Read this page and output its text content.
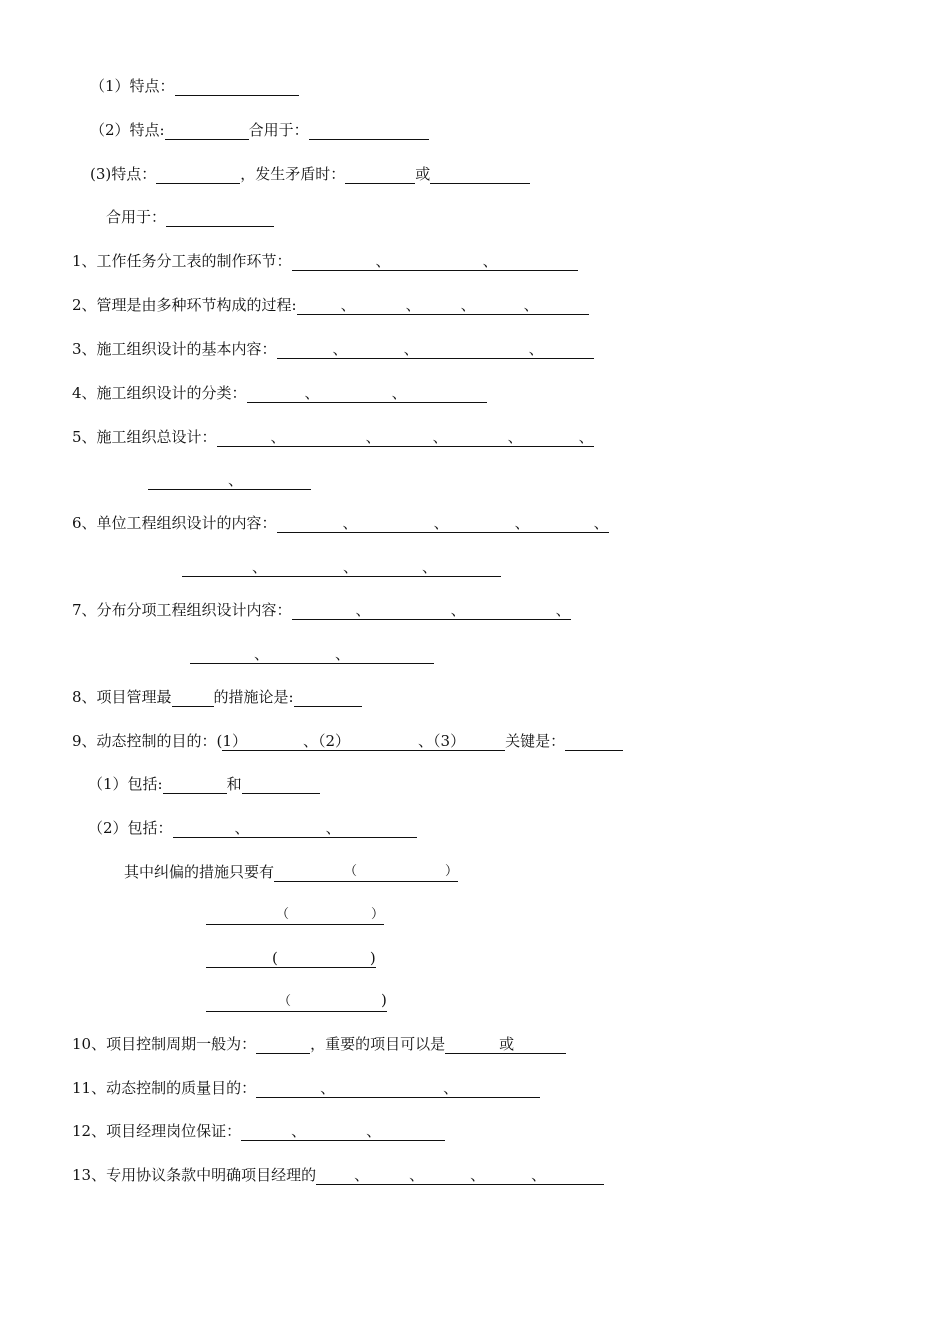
（1）特点：
（2）特点:	合用于：
(3)特点：	，发生矛盾时：	或
合用于：
1、工作任务分工表的制作环节：	、	、
2、管理是由多种环节构成的过程:	、	、	、	、
3、施工组织设计的基本内容：	、	、	、
4、施工组织设计的分类：	、	、
5、施工组织总设计：	、	、	、	、	、
、
6、单位工程组织设计的内容：	、	、	、	、
、	、	、
7、分布分项工程组织设计内容：	、	、	、
、	、
8、项目管理最	的措施论是:
9、动态控制的目的：(1）	、（2）	、（3）	关键是：
（1）包括:	和
（2）包括：	、	、
其中纠偏的措施只要有	（	）
（	）
(	)
（	)
10、项目控制周期一般为：	，重要的项目可以是	或
11、动态控制的质量目的：	、	、
12、项目经理岗位保证：	、	、
13、专用协议条款中明确项目经理的	、	、	、	、
